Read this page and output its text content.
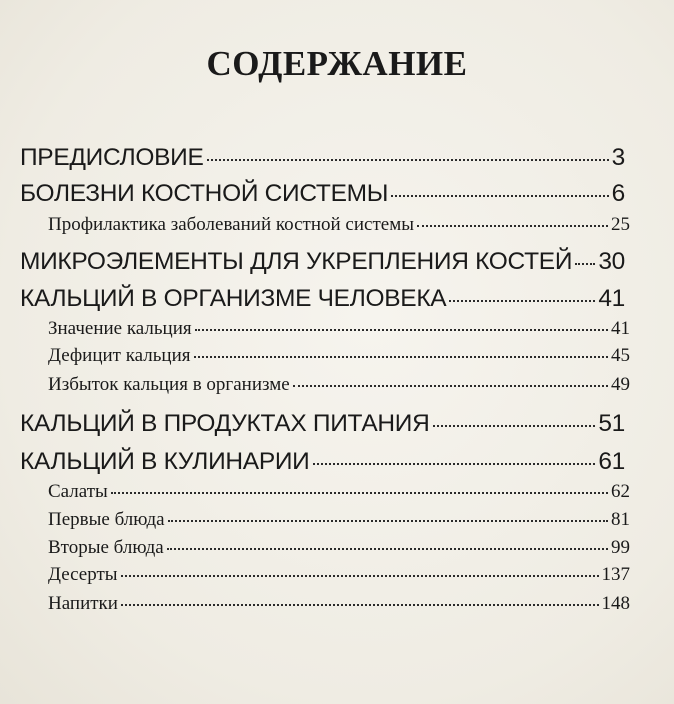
СОДЕРЖАНИЕ
ПРЕДИСЛОВИЕ	3
БОЛЕЗНИ КОСТНОЙ СИСТЕМЫ	6
Профилактика заболеваний костной системы	25
МИКРОЭЛЕМЕНТЫ ДЛЯ УКРЕПЛЕНИЯ КОСТЕЙ 30
КАЛЬЦИЙ В ОРГАНИЗМЕ ЧЕЛОВЕКА	41
Значение кальция	41
Дефицит кальция	45
Избыток кальция в организме	49
КАЛЬЦИЙ В ПРОДУКТАХ ПИТАНИЯ	51
КАЛЬЦИЙ В КУЛИНАРИИ	61
Салаты	62
Первые блюда	81
Вторые блюда	99
Десерты	137
Напитки	148
